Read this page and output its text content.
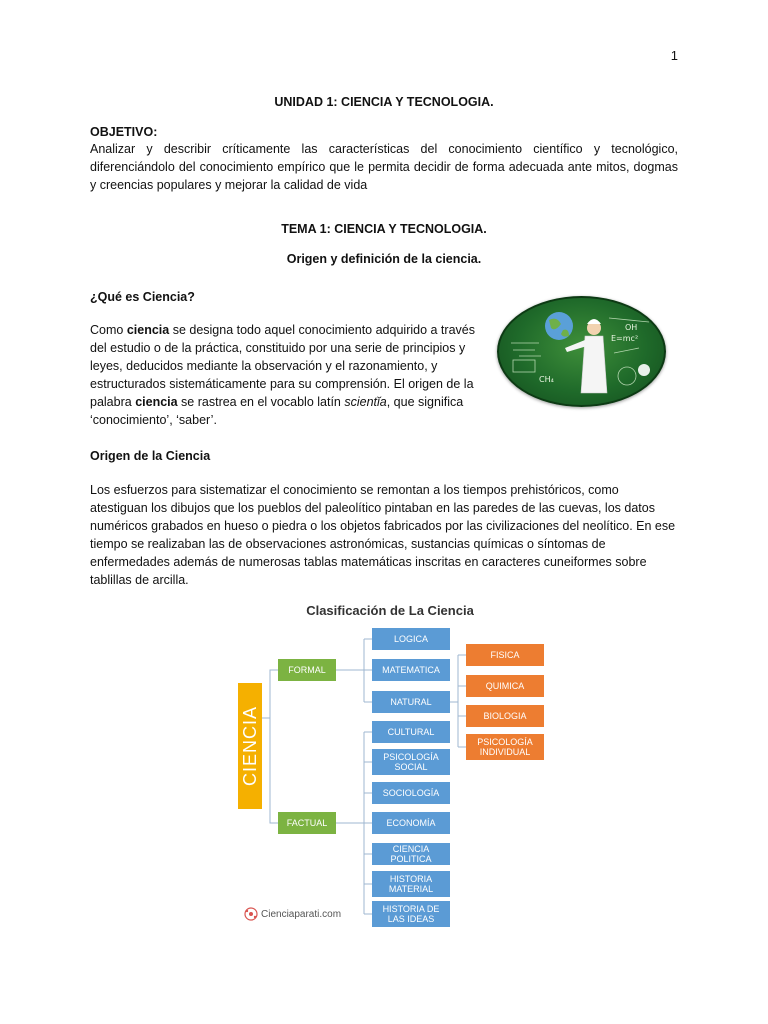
1
UNIDAD 1: CIENCIA Y TECNOLOGIA.
OBJETIVO:
Analizar y describir críticamente las características del conocimiento científico y tecnológico, diferenciándolo del conocimiento empírico que le permita decidir de forma adecuada ante mitos, dogmas y creencias populares y mejorar la calidad de vida
TEMA 1: CIENCIA Y TECNOLOGIA.
Origen y definición de la ciencia.
¿Qué es Ciencia?
Como ciencia se designa todo aquel conocimiento adquirido a través del estudio o de la práctica, constituido por una serie de principios y leyes, deducidos mediante la observación y el razonamiento, y estructurados sistemáticamente para su comprensión. El origen de la palabra ciencia se rastrea en el vocablo latín scientĭa, que significa ‘conocimiento’, ‘saber’.
E=mc²
OH
CH₄
Origen de la Ciencia
Los esfuerzos para sistematizar el conocimiento se remontan a los tiempos prehistóricos, como atestiguan los dibujos que los pueblos del paleolítico pintaban en las paredes de las cuevas, los datos numéricos grabados en hueso o piedra o los objetos fabricados por las civilizaciones del neolítico. En ese tiempo se realizaban las de observaciones astronómicas, sustancias químicas o síntomas de enfermedades además de numerosas tablas matemáticas inscritas en caracteres cuneiformes sobre tablillas de arcilla.
Clasificación de La Ciencia
CIENCIA
FORMAL
FACTUAL
LOGICA
MATEMATICA
NATURAL
CULTURAL
PSICOLOGÍA SOCIAL
SOCIOLOGÍA
ECONOMÍA
CIENCIA POLITICA
HISTORIA MATERIAL
HISTORIA DE LAS IDEAS
FISICA
QUIMICA
BIOLOGIA
PSICOLOGÍA INDIVIDUAL
Cienciaparati.com
